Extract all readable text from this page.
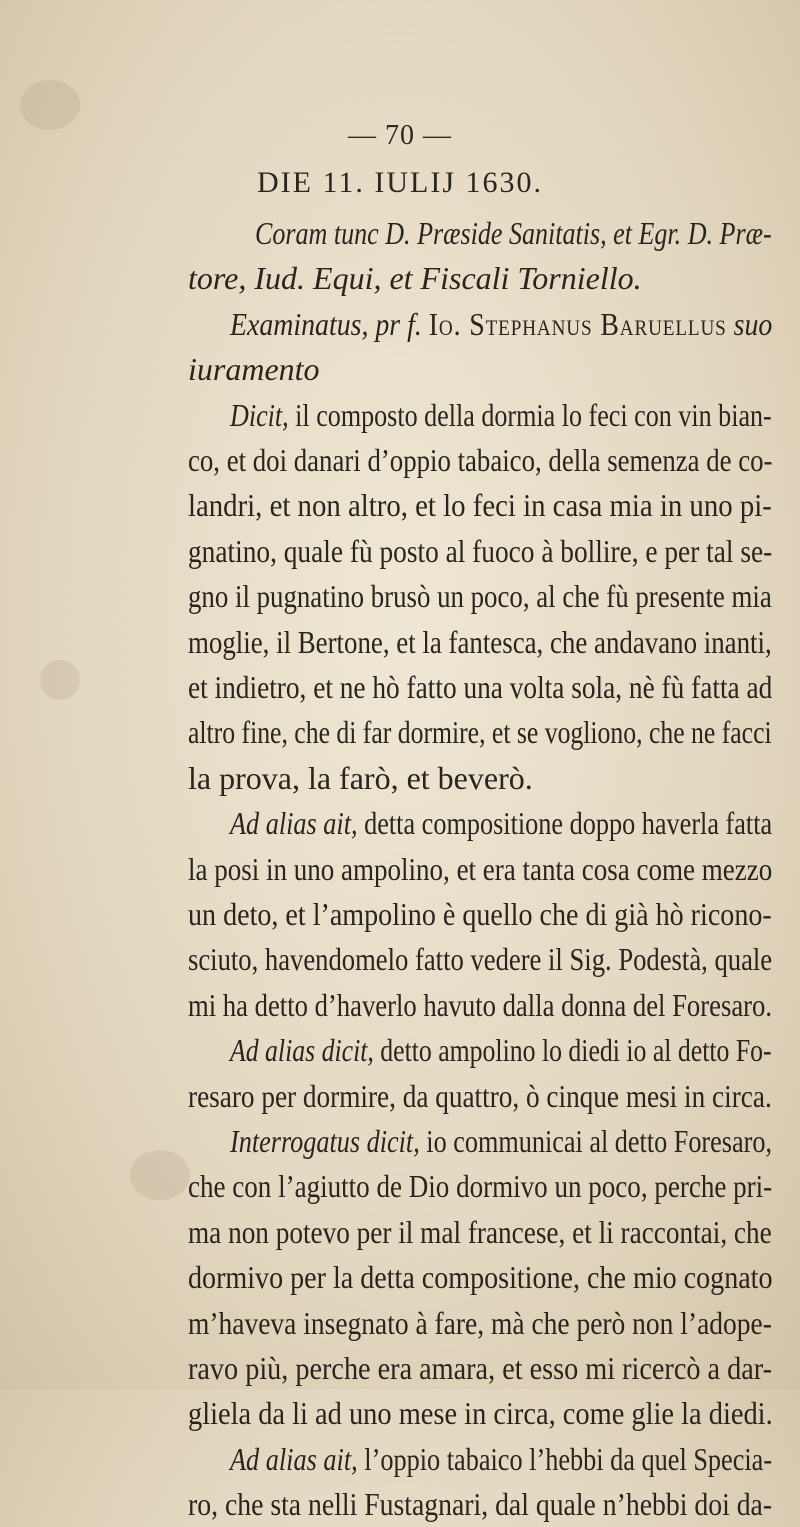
— 70 —
DIE 11. IULIJ 1630.
Coram tunc D. Præside Sanitatis, et Egr. D. Præ-
tore, Iud. Equi, et Fiscali Torniello.
Examinatus, pr f. Io. Stephanus Baruellus suo
iuramento
Dicit, il composto della dormia lo feci con vin bian-
co, et doi danari d’oppio tabaico, della semenza de co-
landri, et non altro, et lo feci in casa mia in uno pi-
gnatino, quale fù posto al fuoco à bollire, e per tal se-
gno il pugnatino brusò un poco, al che fù presente mia
moglie, il Bertone, et la fantesca, che andavano inanti,
et indietro, et ne hò fatto una volta sola, nè fù fatta ad
altro fine, che di far dormire, et se vogliono, che ne facci
la prova, la farò, et beverò.
Ad alias ait, detta compositione doppo haverla fatta
la posi in uno ampolino, et era tanta cosa come mezzo
un deto, et l’ampolino è quello che di già hò ricono-
sciuto, havendomelo fatto vedere il Sig. Podestà, quale
mi ha detto d’haverlo havuto dalla donna del Foresaro.
Ad alias dicit, detto ampolino lo diedi io al detto Fo-
resaro per dormire, da quattro, ò cinque mesi in circa.
Interrogatus dicit, io communicai al detto Foresaro,
che con l’agiutto de Dio dormivo un poco, perche pri-
ma non potevo per il mal francese, et li raccontai, che
dormivo per la detta compositione, che mio cognato
m’haveva insegnato à fare, mà che però non l’adope-
ravo più, perche era amara, et esso mi ricercò a dar-
gliela da li ad uno mese in circa, come glie la diedi.
Ad alias ait, l’oppio tabaico l’hebbi da quel Specia-
ro, che sta nelli Fustagnari, dal quale n’hebbi doi da-
